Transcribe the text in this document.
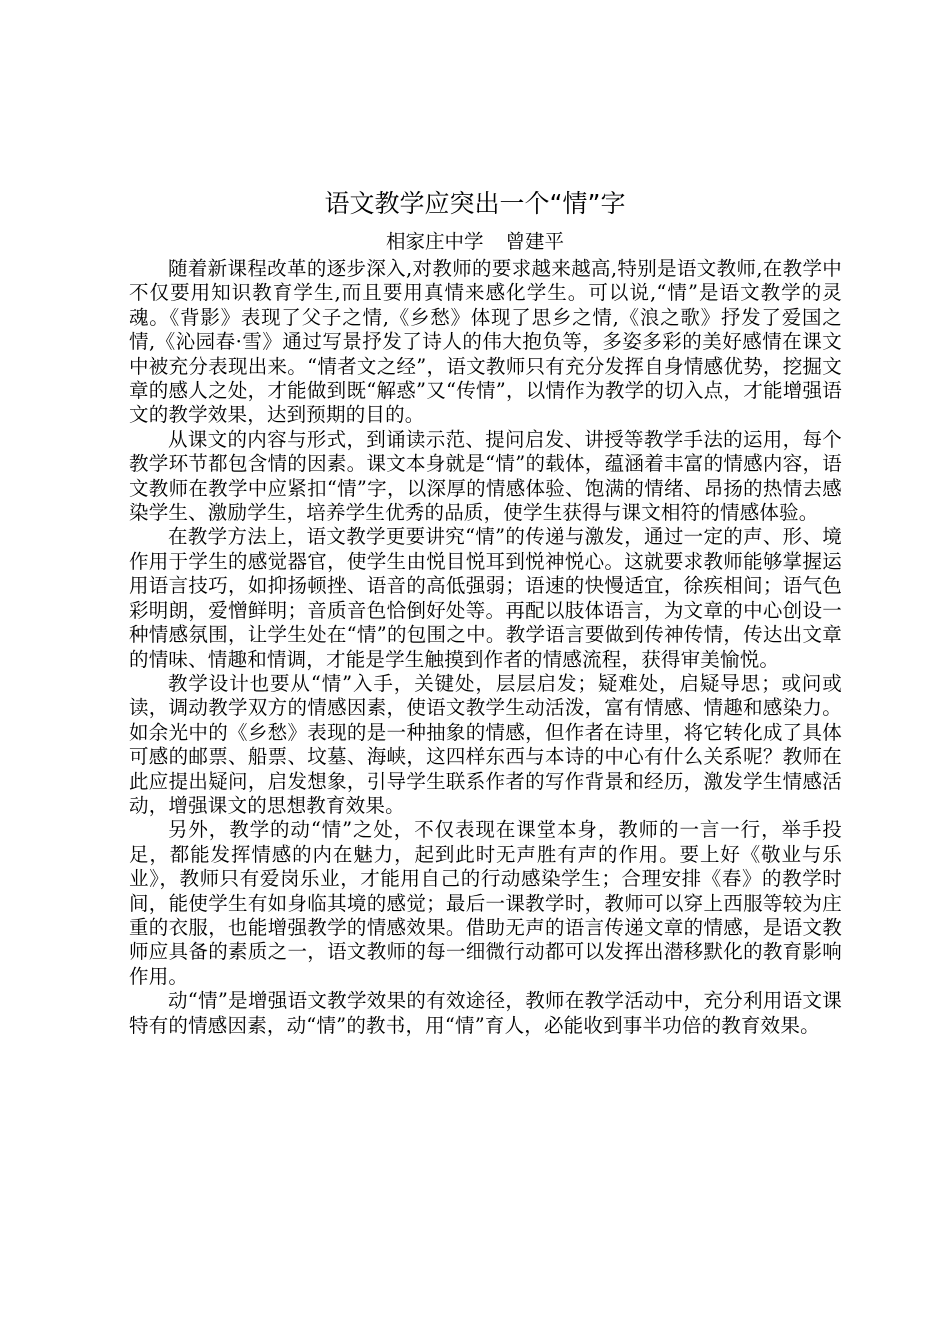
语文教学应突出一个“情”字
相家庄中学 曾建平

随着新课程改革的逐步深入,对教师的要求越来越高,特别是语文教师,在教学中不仅要用知识教育学生,而且要用真情来感化学生。可以说,“情”是语文教学的灵魂。《背影》表现了父子之情,《乡愁》体现了思乡之情,《浪之歌》抒发了爱国之情,《沁园春·雪》通过写景抒发了诗人的伟大抱负等，多姿多彩的美好感情在课文中被充分表现出来。“情者文之经”，语文教师只有充分发挥自身情感优势，挖掘文章的感人之处，才能做到既“解惑”又“传情”，以情作为教学的切入点，才能增强语文的教学效果，达到预期的目的。

从课文的内容与形式，到诵读示范、提问启发、讲授等教学手法的运用，每个教学环节都包含情的因素。课文本身就是“情”的载体，蕴涵着丰富的情感内容，语文教师在教学中应紧扣“情”字，以深厚的情感体验、饱满的情绪、昂扬的热情去感染学生、激励学生，培养学生优秀的品质，使学生获得与课文相符的情感体验。

在教学方法上，语文教学更要讲究“情”的传递与激发，通过一定的声、形、境作用于学生的感觉器官，使学生由悦目悦耳到悦神悦心。这就要求教师能够掌握运用语言技巧，如抑扬顿挫、语音的高低强弱；语速的快慢适宜，徐疾相间；语气色彩明朗，爱憎鲜明；音质音色恰倒好处等。再配以肢体语言，为文章的中心创设一种情感氛围，让学生处在“情”的包围之中。教学语言要做到传神传情，传达出文章的情味、情趣和情调，才能是学生触摸到作者的情感流程，获得审美愉悦。

教学设计也要从“情”入手，关键处，层层启发；疑难处，启疑导思；或问或读，调动教学双方的情感因素，使语文教学生动活泼，富有情感、情趣和感染力。如余光中的《乡愁》表现的是一种抽象的情感，但作者在诗里，将它转化成了具体可感的邮票、船票、坟墓、海峡，这四样东西与本诗的中心有什么关系呢？教师在此应提出疑问，启发想象，引导学生联系作者的写作背景和经历，激发学生情感活动，增强课文的思想教育效果。

另外，教学的动“情”之处，不仅表现在课堂本身，教师的一言一行，举手投足，都能发挥情感的内在魅力，起到此时无声胜有声的作用。要上好《敬业与乐业》，教师只有爱岗乐业，才能用自己的行动感染学生；合理安排《春》的教学时间，能使学生有如身临其境的感觉；最后一课教学时，教师可以穿上西服等较为庄重的衣服，也能增强教学的情感效果。借助无声的语言传递文章的情感，是语文教师应具备的素质之一，语文教师的每一细微行动都可以发挥出潜移默化的教育影响作用。

动“情”是增强语文教学效果的有效途径，教师在教学活动中，充分利用语文课特有的情感因素，动“情”的教书，用“情”育人，必能收到事半功倍的教育效果。
